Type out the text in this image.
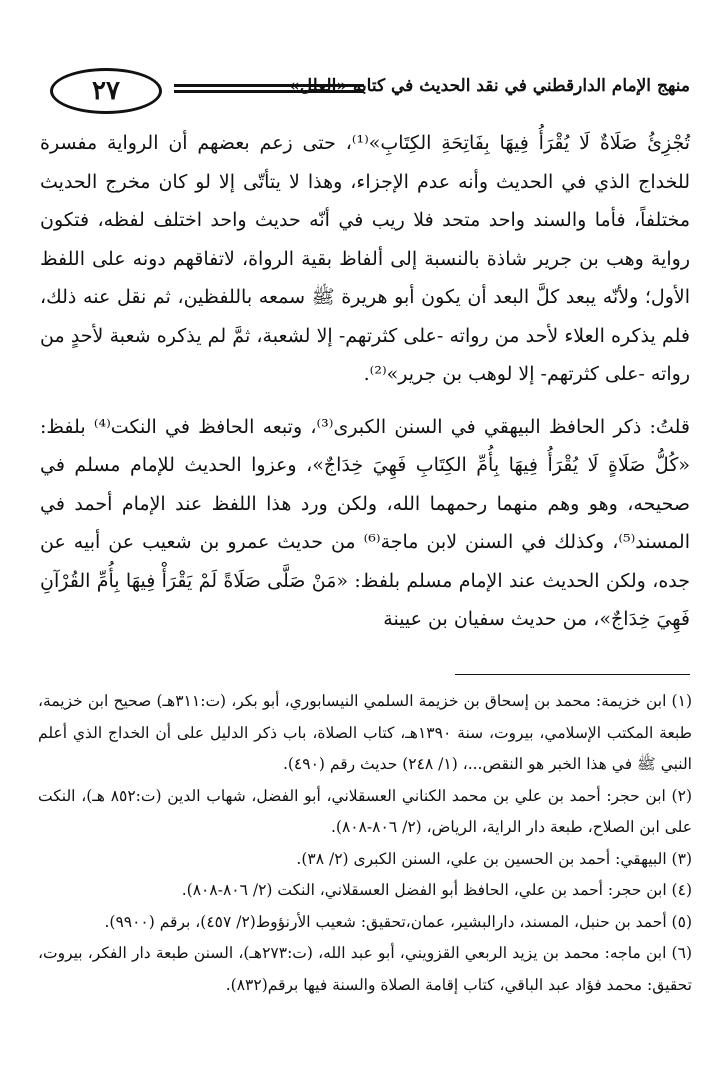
٢٧	منهج الإمام الدارقطني في نقد الحديث في كتابه «العلل»

تُجْزِئُ صَلَاةٌ لَا يُقْرَأُ فِيهَا بِفَاتِحَةِ الكِتَابِ»⁽¹⁾، حتى زعم بعضهم أن الرواية مفسرة للخداج الذي في الحديث وأنه عدم الإجزاء، وهذا لا يتأتّى إلا لو كان مخرج الحديث مختلفاً، فأما والسند واحد متحد فلا ريب في أنّه حديث واحد اختلف لفظه، فتكون رواية وهب بن جرير شاذة بالنسبة إلى ألفاظ بقية الرواة، لاتفاقهم دونه على اللفظ الأول؛ ولأنّه يبعد كلَّ البعد أن يكون أبو هريرة ﷺ سمعه باللفظين، ثم نقل عنه ذلك، فلم يذكره العلاء لأحد من رواته -على كثرتهم- إلا لشعبة، ثمَّ لم يذكره شعبة لأحدٍ من رواته -على كثرتهم- إلا لوهب بن جرير»⁽²⁾.

قلتُ: ذكر الحافظ البيهقي في السنن الكبرى⁽³⁾، وتبعه الحافظ في النكت⁽⁴⁾ بلفظ: «كُلُّ صَلَاةٍ لَا يُقْرَأُ فِيهَا بِأُمِّ الكِتَابِ فَهِيَ خِدَاجٌ»، وعزوا الحديث للإمام مسلم في صحيحه، وهو وهم منهما رحمهما الله، ولكن ورد هذا اللفظ عند الإمام أحمد في المسند⁽⁵⁾، وكذلك في السنن لابن ماجة⁽⁶⁾ من حديث عمرو بن شعيب عن أبيه عن جده، ولكن الحديث عند الإمام مسلم بلفظ: «مَنْ صَلَّى صَلَاةً لَمْ يَقْرَأْ فِيهَا بِأُمِّ القُرْآنِ فَهِيَ خِدَاجٌ»، من حديث سفيان بن عيينة

(١) ابن خزيمة: محمد بن إسحاق بن خزيمة السلمي النيسابوري، أبو بكر، (ت:٣١١هـ) صحيح ابن خزيمة، طبعة المكتب الإسلامي، بيروت، سنة ١٣٩٠هـ، كتاب الصلاة، باب ذكر الدليل على أن الخداج الذي أعلم النبي ﷺ في هذا الخبر هو النقص...، (١/ ٢٤٨) حديث رقم (٤٩٠).

(٢) ابن حجر: أحمد بن علي بن محمد الكناني العسقلاني، أبو الفضل، شهاب الدين (ت:٨٥٢ هـ)، النكت على ابن الصلاح، طبعة دار الراية، الرياض، (٢/ ٨٠٦-٨٠٨).

(٣) البيهقي: أحمد بن الحسين بن علي، السنن الكبرى (٢/ ٣٨).

(٤) ابن حجر: أحمد بن علي، الحافظ أبو الفضل العسقلاني، النكت (٢/ ٨٠٦-٨٠٨).

(٥) أحمد بن حنبل، المسند، دارالبشير، عمان،تحقيق: شعيب الأرنؤوط(٢/ ٤٥٧)، برقم (٩٩٠٠).

(٦) ابن ماجه: محمد بن يزيد الربعي القزويني، أبو عبد الله، (ت:٢٧٣هـ)، السنن طبعة دار الفكر، بيروت، تحقيق: محمد فؤاد عبد الباقي، كتاب إقامة الصلاة والسنة فيها برقم(٨٣٢).
